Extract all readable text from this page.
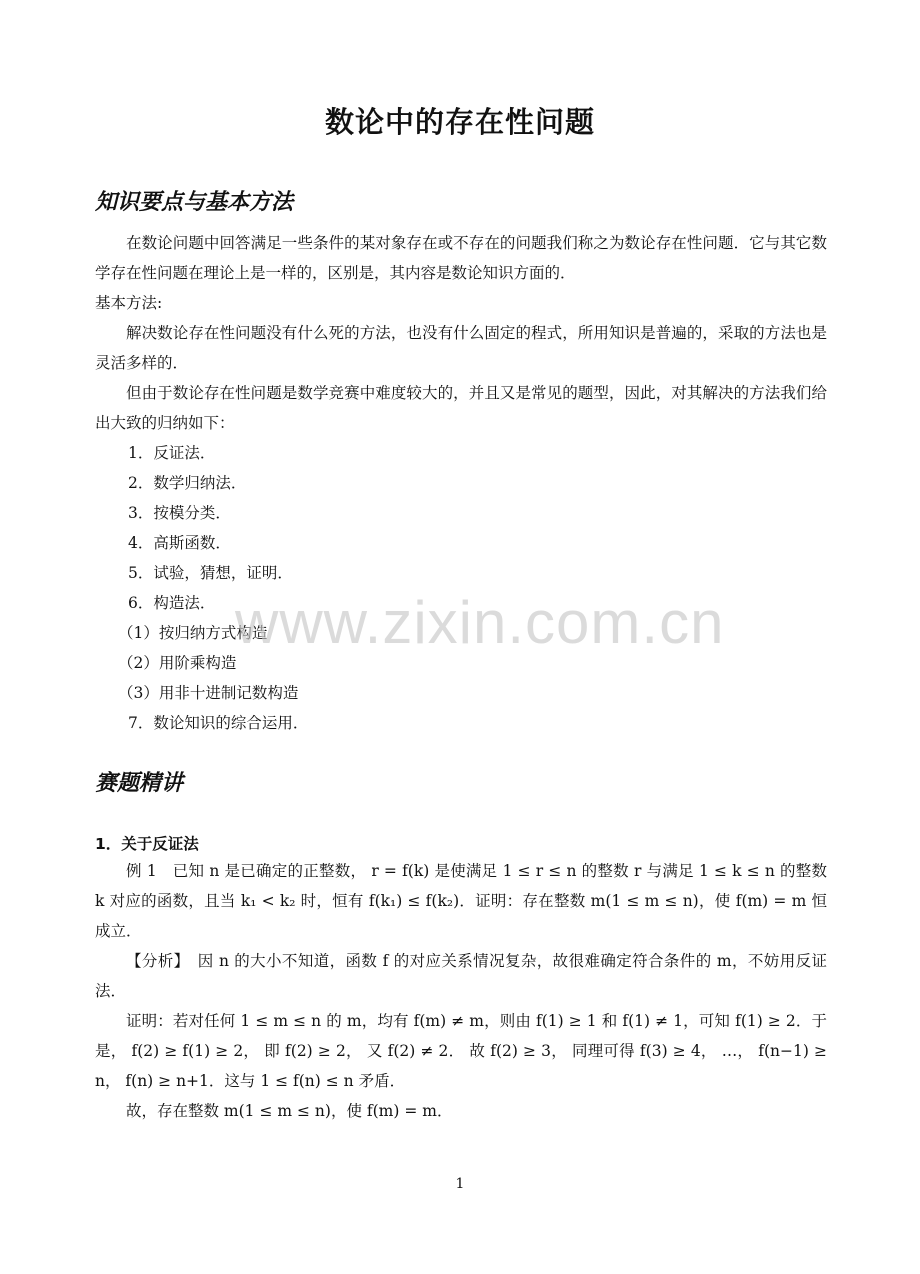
数论中的存在性问题
知识要点与基本方法
在数论问题中回答满足一些条件的某对象存在或不存在的问题我们称之为数论存在性问题．它与其它数学存在性问题在理论上是一样的，区别是，其内容是数论知识方面的．
基本方法:
解决数论存在性问题没有什么死的方法，也没有什么固定的程式，所用知识是普遍的，采取的方法也是灵活多样的．
但由于数论存在性问题是数学竞赛中难度较大的，并且又是常见的题型，因此，对其解决的方法我们给出大致的归纳如下：
1．反证法．
2．数学归纳法．
3．按模分类．
4．高斯函数．
5．试验，猜想，证明．
6．构造法．
（1）按归纳方式构造
（2）用阶乘构造
（3）用非十进制记数构造
7．数论知识的综合运用．
赛题精讲
1．关于反证法
例 1　已知 n 是已确定的正整数， r = f(k) 是使满足 1 ≤ r ≤ n 的整数 r 与满足 1 ≤ k ≤ n 的整数 k 对应的函数，且当 k₁ < k₂ 时，恒有 f(k₁) ≤ f(k₂)．证明：存在整数 m(1 ≤ m ≤ n)，使 f(m) = m 恒成立．
【分析】　因 n 的大小不知道，函数 f 的对应关系情况复杂，故很难确定符合条件的 m，不妨用反证法．
证明：若对任何 1 ≤ m ≤ n 的 m，均有 f(m) ≠ m，则由 f(1) ≥ 1 和 f(1) ≠ 1，可知 f(1) ≥ 2．于是， f(2) ≥ f(1) ≥ 2， 即 f(2) ≥ 2， 又 f(2) ≠ 2． 故 f(2) ≥ 3， 同理可得 f(3) ≥ 4， …， f(n−1) ≥ n， f(n) ≥ n+1．这与 1 ≤ f(n) ≤ n 矛盾．
故，存在整数 m(1 ≤ m ≤ n)，使 f(m) = m．
www.zixin.com.cn
1
